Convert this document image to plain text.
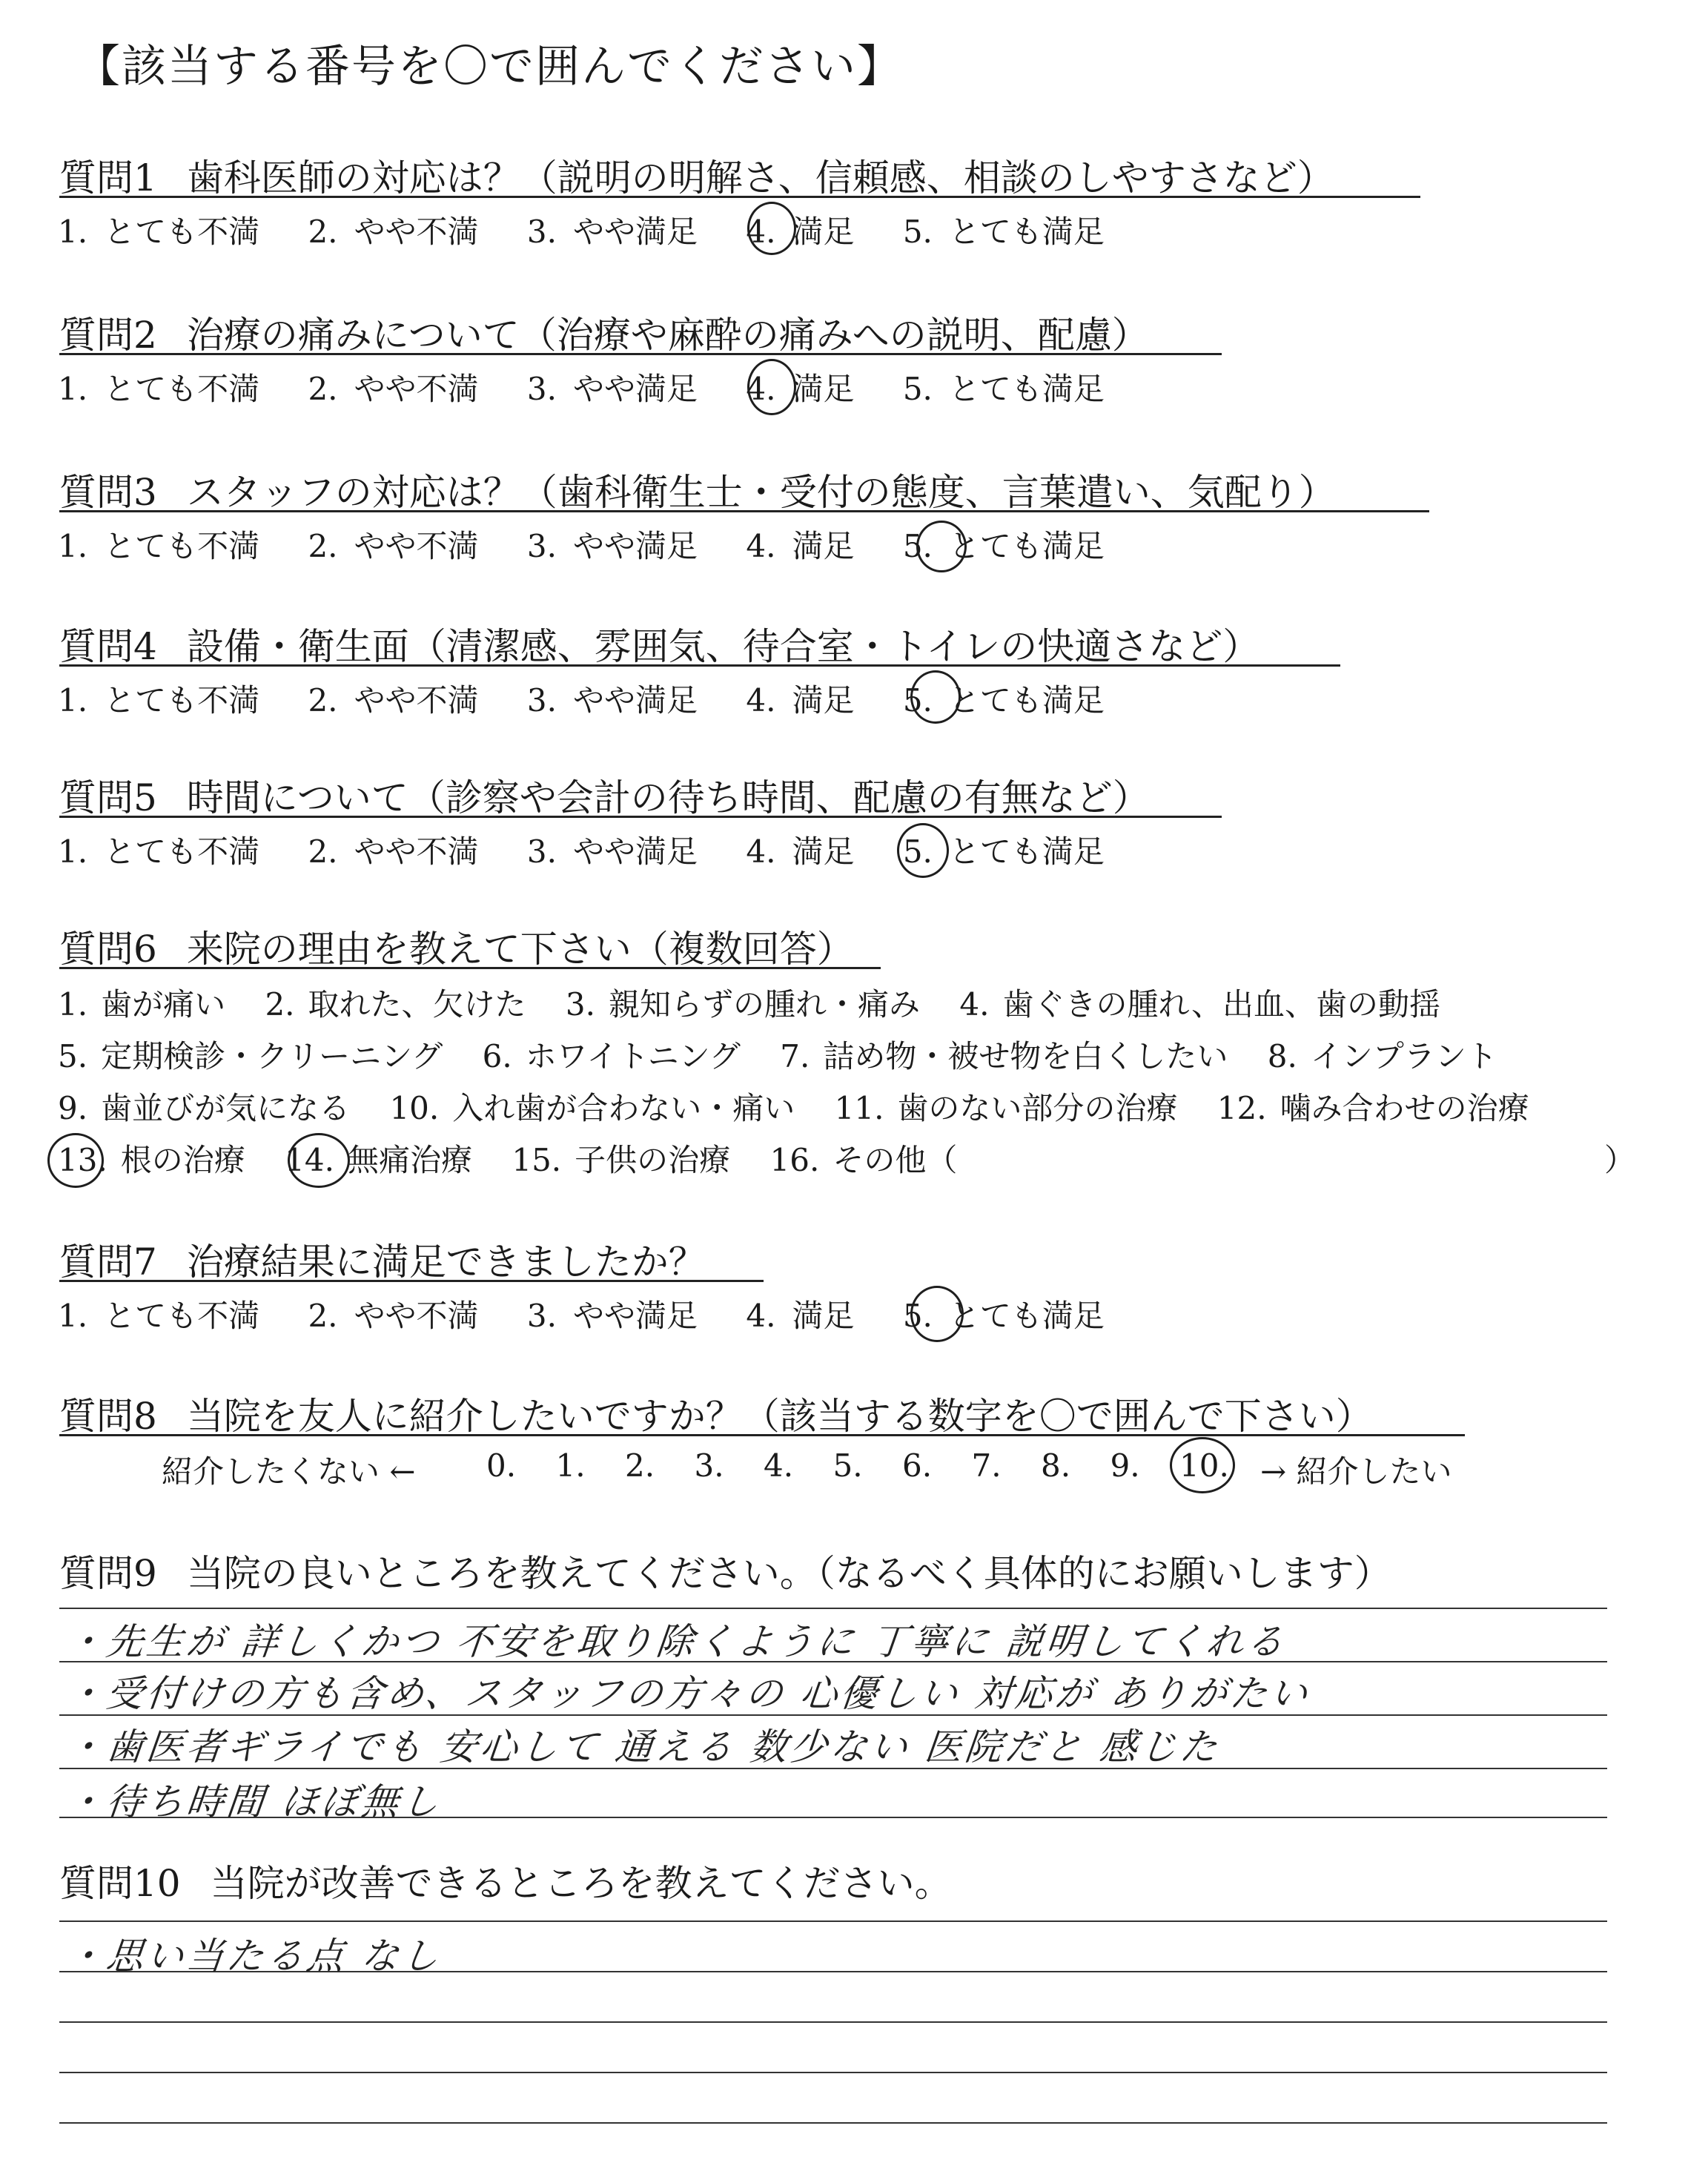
【該当する番号を〇で囲んでください】
質問1 歯科医師の対応は？（説明の明解さ、信頼感、相談のしやすさなど）
1. とても不満 2. やや不満 3. やや満足 4. 満足 5. とても満足
質問2 治療の痛みについて（治療や麻酔の痛みへの説明、配慮）
1. とても不満 2. やや不満 3. やや満足 4. 満足 5. とても満足
質問3 スタッフの対応は？（歯科衛生士・受付の態度、言葉遣い、気配り）
1. とても不満 2. やや不満 3. やや満足 4. 満足 5. とても満足
質問4 設備・衛生面（清潔感、雰囲気、待合室・トイレの快適さなど）
1. とても不満 2. やや不満 3. やや満足 4. 満足 5. とても満足
質問5 時間について（診察や会計の待ち時間、配慮の有無など）
1. とても不満 2. やや不満 3. やや満足 4. 満足 5. とても満足
質問6 来院の理由を教えて下さい（複数回答）
1. 歯が痛い 2. 取れた、欠けた 3. 親知らずの腫れ・痛み 4. 歯ぐきの腫れ、出血、歯の動揺
5. 定期検診・クリーニング 6. ホワイトニング 7. 詰め物・被せ物を白くしたい 8. インプラント
9. 歯並びが気になる 10. 入れ歯が合わない・痛い 11. 歯のない部分の治療 12. 噛み合わせの治療
13. 根の治療 14. 無痛治療 15. 子供の治療 16. その他（	）
質問7 治療結果に満足できましたか？
1. とても不満 2. やや不満 3. やや満足 4. 満足 5. とても満足
質問8 当院を友人に紹介したいですか？（該当する数字を〇で囲んで下さい）
紹介したくない ← 0. 1. 2. 3. 4. 5. 6. 7. 8. 9. 10.	→ 紹介したい
質問9 当院の良いところを教えてください。（なるべく具体的にお願いします）
・先生が 詳しくかつ 不安を取り除くように 丁寧に 説明してくれる
・受付けの方も含め、スタッフの方々の 心優しい 対応が ありがたい
・歯医者ギライでも 安心して 通える 数少ない 医院だと 感じた
・待ち時間 ほぼ無し
質問10 当院が改善できるところを教えてください。
・思い当たる点 なし
